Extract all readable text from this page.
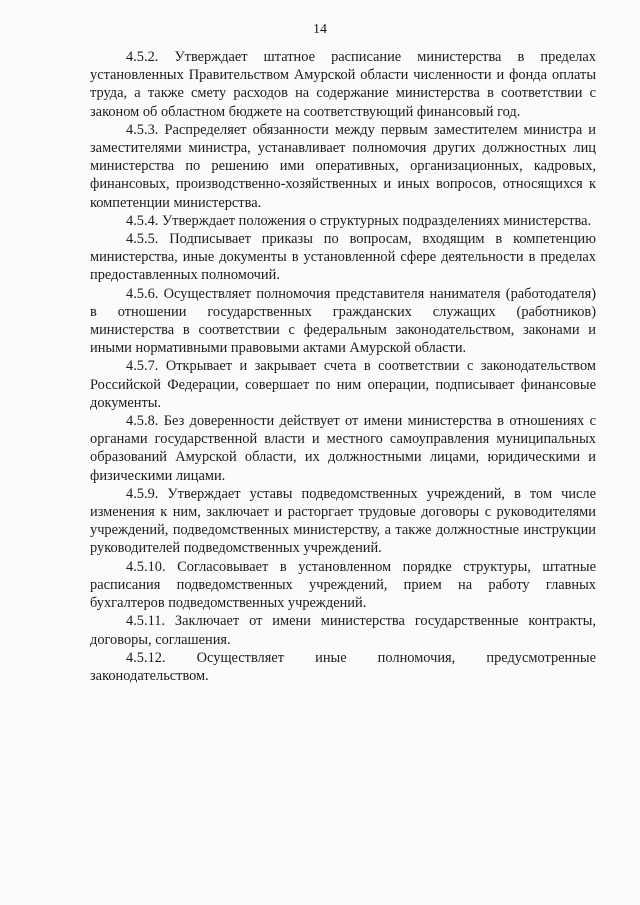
14

4.5.2. Утверждает штатное расписание министерства в пределах установленных Правительством Амурской области численности и фонда оплаты труда, а также смету расходов на содержание министерства в соответствии с законом об областном бюджете на соответствующий финансовый год.

4.5.3. Распределяет обязанности между первым заместителем министра и заместителями министра, устанавливает полномочия других должностных лиц министерства по решению ими оперативных, организационных, кадровых, финансовых, производственно-хозяйственных и иных вопросов, относящихся к компетенции министерства.

4.5.4. Утверждает положения о структурных подразделениях министерства.

4.5.5. Подписывает приказы по вопросам, входящим в компетенцию министерства, иные документы в установленной сфере деятельности в пределах предоставленных полномочий.

4.5.6. Осуществляет полномочия представителя нанимателя (работодателя) в отношении государственных гражданских служащих (работников) министерства в соответствии с федеральным законодательством, законами и иными нормативными правовыми актами Амурской области.

4.5.7. Открывает и закрывает счета в соответствии с законодательством Российской Федерации, совершает по ним операции, подписывает финансовые документы.

4.5.8. Без доверенности действует от имени министерства в отношениях с органами государственной власти и местного самоуправления муниципальных образований Амурской области, их должностными лицами, юридическими и физическими лицами.

4.5.9. Утверждает уставы подведомственных учреждений, в том числе изменения к ним, заключает и расторгает трудовые договоры с руководителями учреждений, подведомственных министерству, а также должностные инструкции руководителей подведомственных учреждений.

4.5.10. Согласовывает в установленном порядке структуры, штатные расписания подведомственных учреждений, прием на работу главных бухгалтеров подведомственных учреждений.

4.5.11. Заключает от имени министерства государственные контракты, договоры, соглашения.

4.5.12. Осуществляет иные полномочия, предусмотренные законодательством.
